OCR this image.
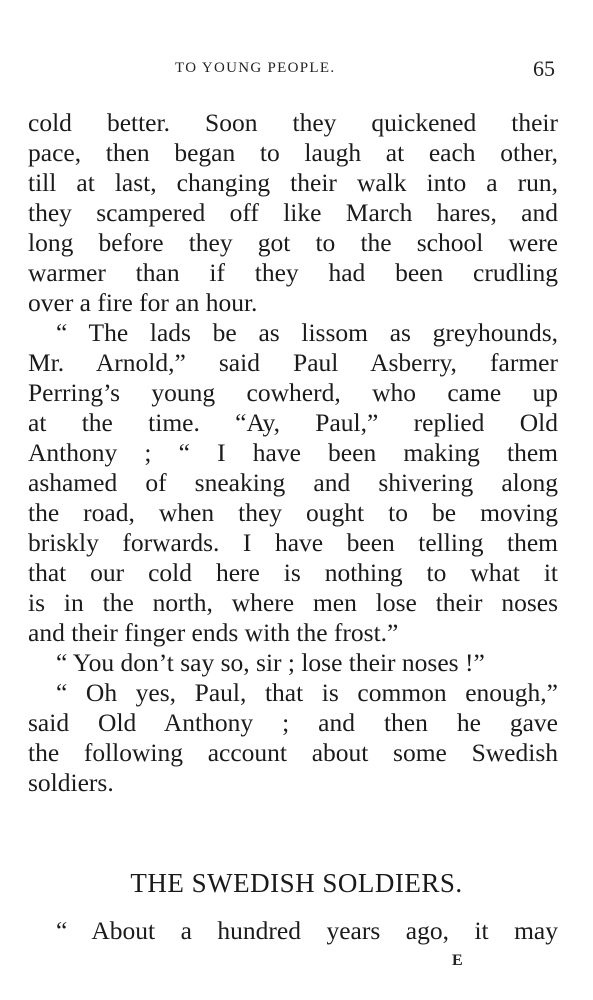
TO YOUNG PEOPLE.	65
cold better. Soon they quickened their
pace, then began to laugh at each other,
till at last, changing their walk into a run,
they scampered off like March hares, and
long before they got to the school were
warmer than if they had been crudling
over a fire for an hour.
“ The lads be as lissom as greyhounds,
Mr. Arnold,” said Paul Asberry, farmer
Perring’s young cowherd, who came up
at the time. “Ay, Paul,” replied Old
Anthony ; “ I have been making them
ashamed of sneaking and shivering along
the road, when they ought to be moving
briskly forwards. I have been telling them
that our cold here is nothing to what it
is in the north, where men lose their noses
and their finger ends with the frost.”
“ You don’t say so, sir ; lose their noses !”
“ Oh yes, Paul, that is common enough,”
said Old Anthony ; and then he gave
the following account about some Swedish
soldiers.
THE SWEDISH SOLDIERS.
“ About a hundred years ago, it may
E
